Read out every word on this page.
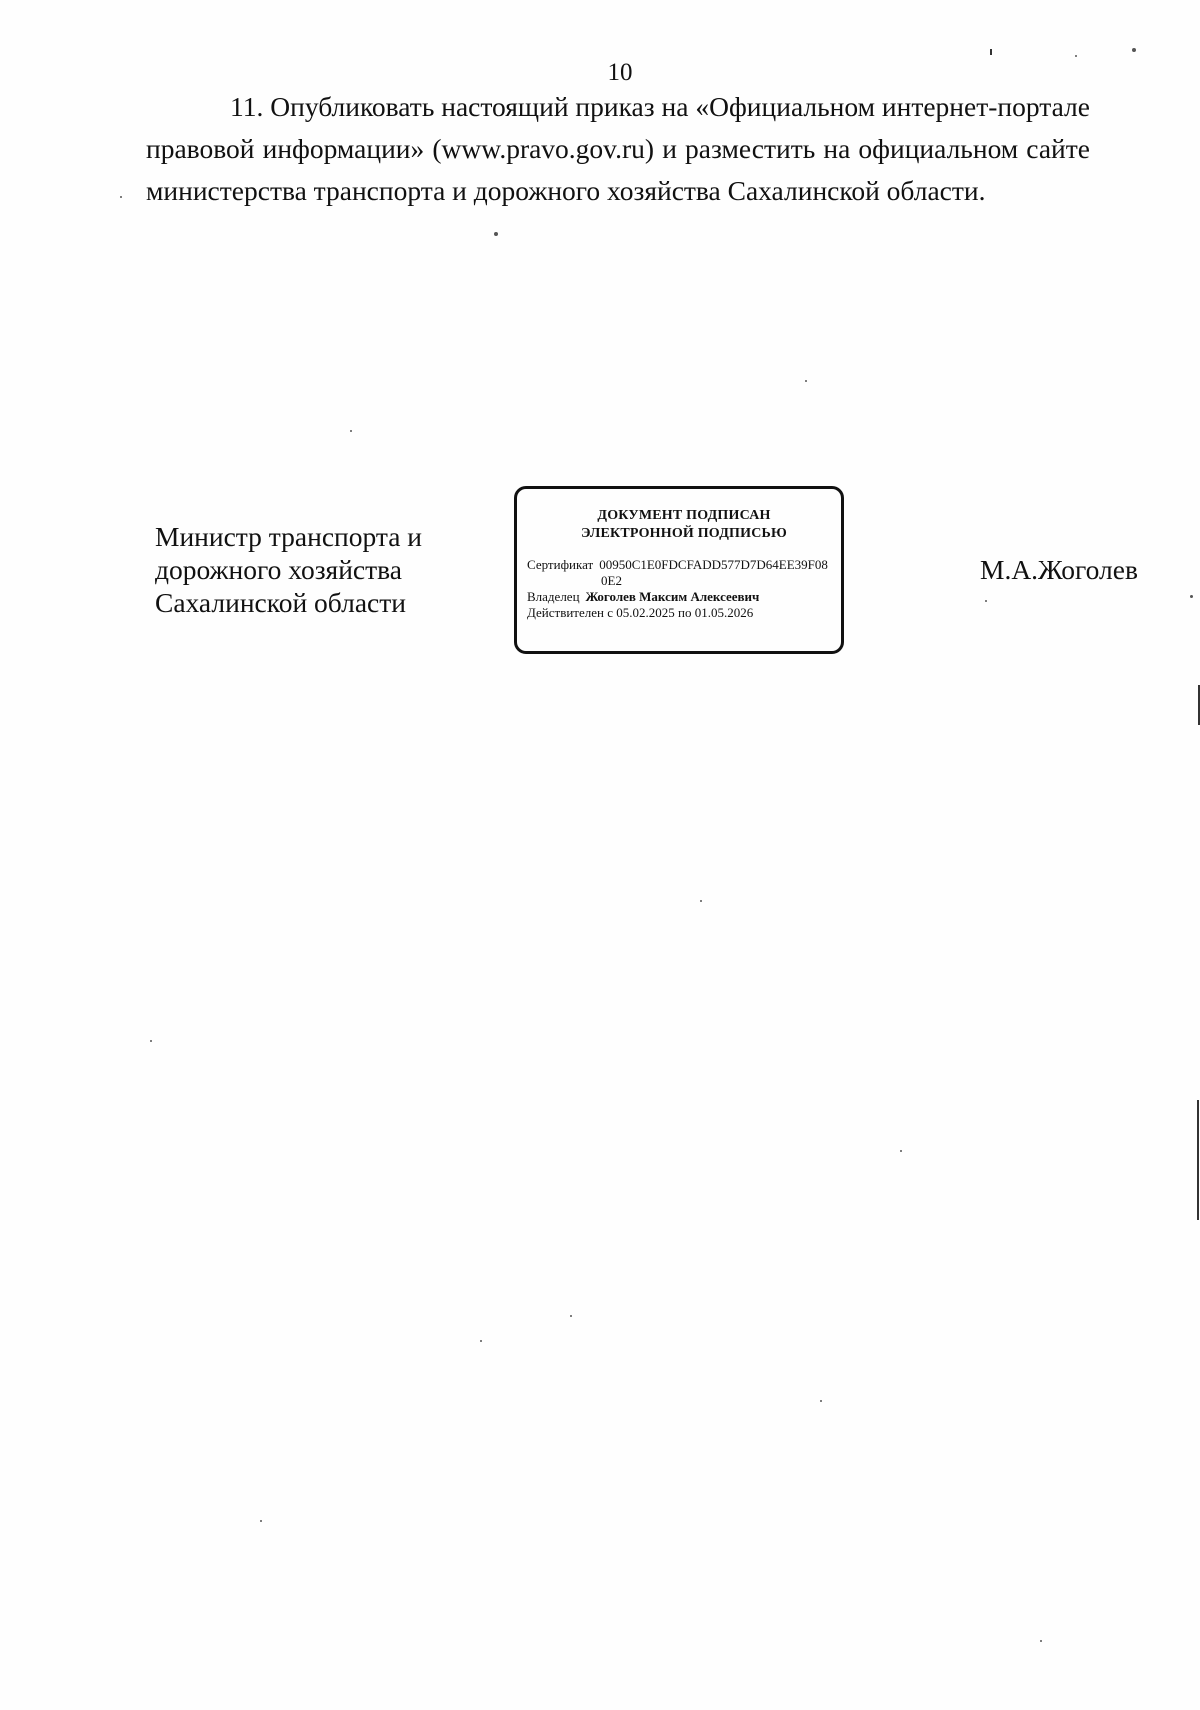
10

11. Опубликовать настоящий приказ на «Официальном интернет-портале правовой информации» (www.pravo.gov.ru) и разместить на официальном сайте министерства транспорта и дорожного хозяйства Сахалинской области.

Министр транспорта и
дорожного хозяйства
Сахалинской области
ДОКУМЕНТ ПОДПИСАН
ЭЛЕКТРОННОЙ ПОДПИСЬЮ
Сертификат 00950C1E0FDCFADD577D7D64EE39F08
0E2
Владелец Жоголев Максим Алексеевич
Действителен с 05.02.2025 по 01.05.2026
М.А.Жоголев
